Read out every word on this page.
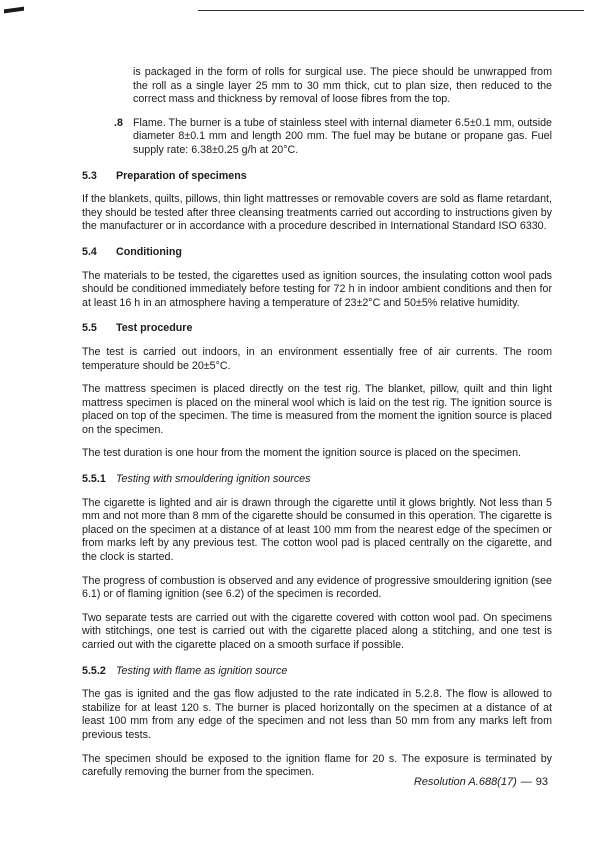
is packaged in the form of rolls for surgical use. The piece should be unwrapped from the roll as a single layer 25 mm to 30 mm thick, cut to plan size, then reduced to the correct mass and thickness by removal of loose fibres from the top.

.8 Flame. The burner is a tube of stainless steel with internal diameter 6.5±0.1 mm, outside diameter 8±0.1 mm and length 200 mm. The fuel may be butane or propane gas. Fuel supply rate: 6.38±0.25 g/h at 20°C.

5.3	Preparation of specimens

If the blankets, quilts, pillows, thin light mattresses or removable covers are sold as flame retardant, they should be tested after three cleansing treatments carried out according to instructions given by the manufacturer or in accordance with a procedure described in International Standard ISO 6330.

5.4	Conditioning

The materials to be tested, the cigarettes used as ignition sources, the insulating cotton wool pads should be conditioned immediately before testing for 72 h in indoor ambient conditions and then for at least 16 h in an atmosphere having a temperature of 23±2°C and 50±5% relative humidity.

5.5	Test procedure

The test is carried out indoors, in an environment essentially free of air currents. The room temperature should be 20±5°C.

The mattress specimen is placed directly on the test rig. The blanket, pillow, quilt and thin light mattress specimen is placed on the mineral wool which is laid on the test rig. The ignition source is placed on top of the specimen. The time is measured from the moment the ignition source is placed on the specimen.

The test duration is one hour from the moment the ignition source is placed on the specimen.

5.5.1 Testing with smouldering ignition sources

The cigarette is lighted and air is drawn through the cigarette until it glows brightly. Not less than 5 mm and not more than 8 mm of the cigarette should be consumed in this operation. The cigarette is placed on the specimen at a distance of at least 100 mm from the nearest edge of the specimen or from marks left by any previous test. The cotton wool pad is placed centrally on the cigarette, and the clock is started.

The progress of combustion is observed and any evidence of progressive smouldering ignition (see 6.1) or of flaming ignition (see 6.2) of the specimen is recorded.

Two separate tests are carried out with the cigarette covered with cotton wool pad. On specimens with stitchings, one test is carried out with the cigarette placed along a stitching, and one test is carried out with the cigarette placed on a smooth surface if possible.

5.5.2 Testing with flame as ignition source

The gas is ignited and the gas flow adjusted to the rate indicated in 5.2.8. The flow is allowed to stabilize for at least 120 s. The burner is placed horizontally on the specimen at a distance of at least 100 mm from any edge of the specimen and not less than 50 mm from any marks left from previous tests.

The specimen should be exposed to the ignition flame for 20 s. The exposure is terminated by carefully removing the burner from the specimen.

Resolution A.688(17) — 93
